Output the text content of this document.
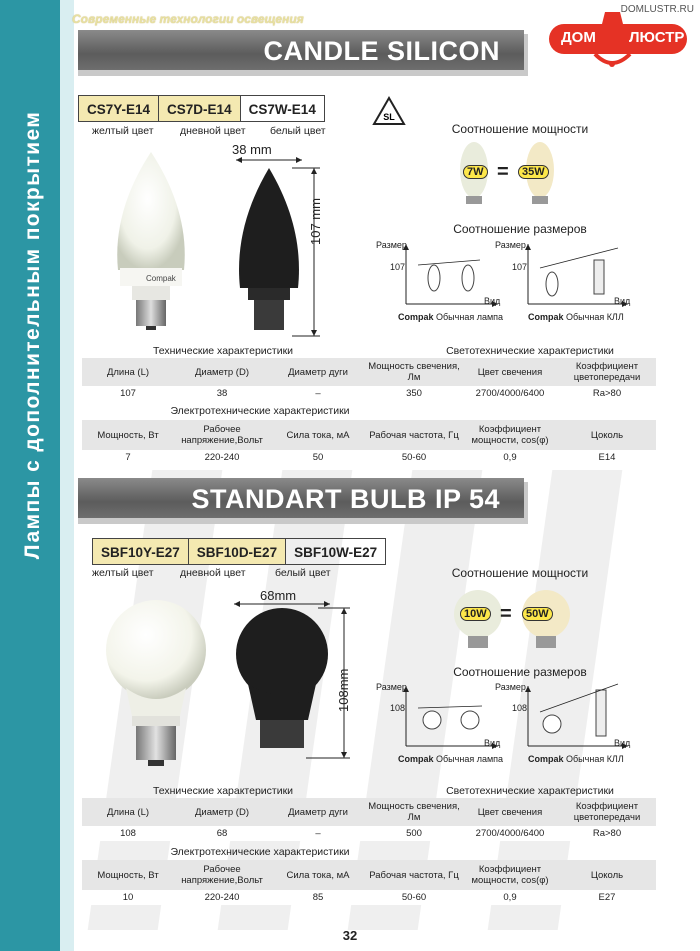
Лампы с дополнительным покрытием
Современные технологии освещения
DOMLUSTR.RU
ДОМ ЛЮСТР
CANDLE SILICON
CS7Y-E14	CS7D-E14	CS7W-E14
желтый цвет	дневной цвет белый цвет
SL
Compak
38 mm
107 mm
Соотношение мощности
7W =	35W
Соотношение размеров
Размер	Размер
107	107
Вид	Вид
Compak Обычная лампа	Compak Обычная КЛЛ
Технические характеристики	Светотехнические характеристики
Длина (L)	Диаметр (D)	Диаметр дуги	Мощность свечения, Лм	Цвет свечения	Коэффициент цветопередачи
107	38	–	350	2700/4000/6400	Ra>80
Электротехнические характеристики
Мощность, Вт	Рабочее напряжение,Вольт	Сила тока, мА	Рабочая частота, Гц	Коэффициент мощности, cos(φ)	Цоколь
7	220-240	50	50-60	0,9	E14
STANDART BULB IP 54
SBF10Y-E27	SBF10D-E27	SBF10W-E27
желтый цвет	дневной цвет	белый цвет
68mm
108mm
Соотношение мощности
10W =	50W
Соотношение размеров
Размер	Размер
108	108
Вид	Вид
Compak Обычная лампа	Compak Обычная КЛЛ
Технические характеристики	Светотехнические характеристики
Длина (L)	Диаметр (D)	Диаметр дуги	Мощность свечения, Лм	Цвет свечения	Коэффициент цветопередачи
108	68	–	500	2700/4000/6400	Ra>80
Электротехнические характеристики
Мощность, Вт	Рабочее напряжение,Вольт	Сила тока, мА	Рабочая частота, Гц	Коэффициент мощности, cos(φ)	Цоколь
10	220-240	85	50-60	0,9	E27
32
